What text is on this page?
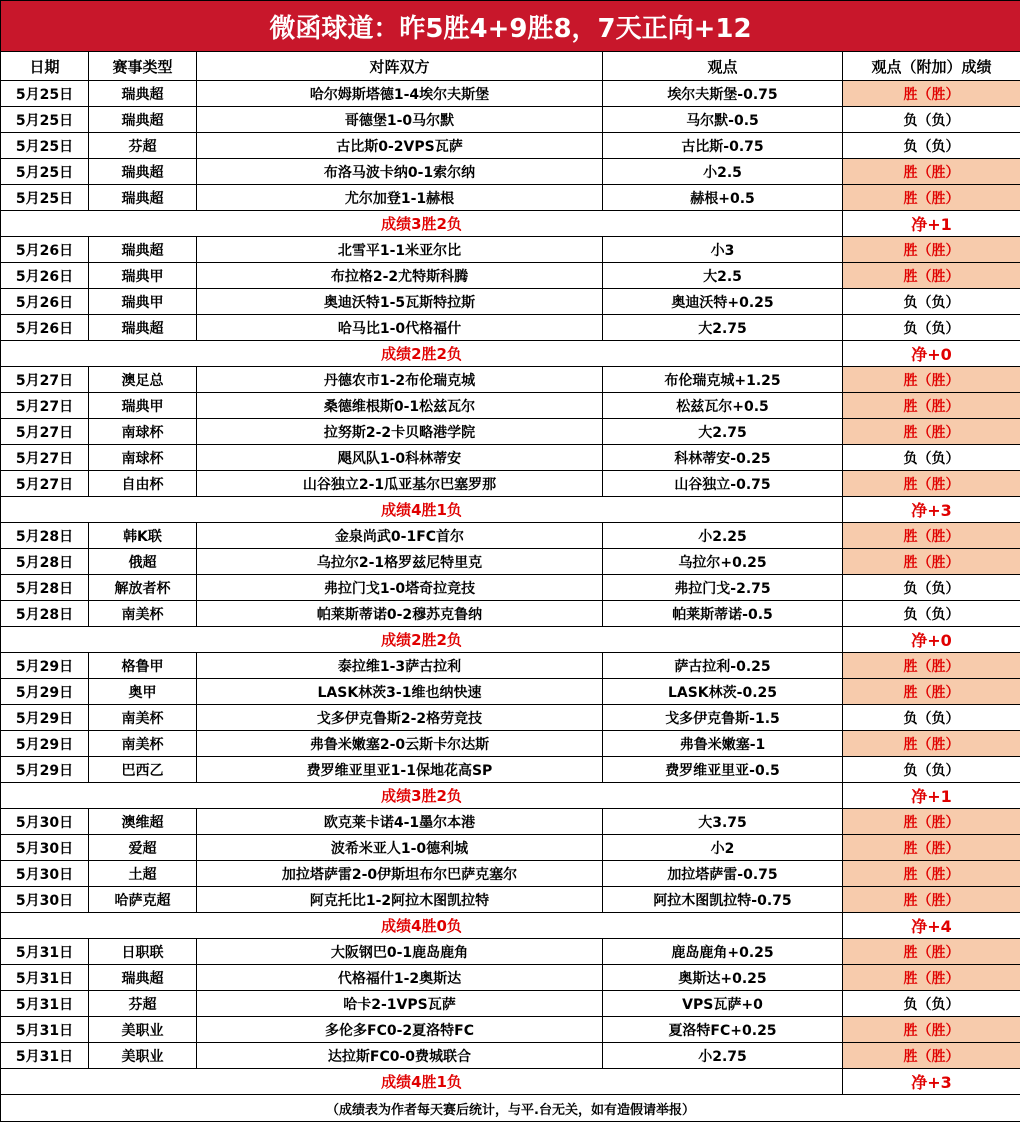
微函球道：昨5胜4+9胜8，7天正向+12				
日期	赛事类型	对阵双方	观点	观点（附加）成绩
5月25日	瑞典超	哈尔姆斯塔德1-4埃尔夫斯堡	埃尔夫斯堡-0.75	胜（胜）
5月25日	瑞典超	哥德堡1-0马尔默	马尔默-0.5	负（负）
5月25日	芬超	古比斯0-2VPS瓦萨	古比斯-0.75	负（负）
5月25日	瑞典超	布洛马波卡纳0-1索尔纳	小2.5	胜（胜）
5月25日	瑞典超	尤尔加登1-1赫根	赫根+0.5	胜（胜）
成绩3胜2负				净+1
5月26日	瑞典超	北雪平1-1米亚尔比	小3	胜（胜）
5月26日	瑞典甲	布拉格2-2尤特斯科腾	大2.5	胜（胜）
5月26日	瑞典甲	奥迪沃特1-5瓦斯特拉斯	奥迪沃特+0.25	负（负）
5月26日	瑞典超	哈马比1-0代格福什	大2.75	负（负）
成绩2胜2负				净+0
5月27日	澳足总	丹德农市1-2布伦瑞克城	布伦瑞克城+1.25	胜（胜）
5月27日	瑞典甲	桑德维根斯0-1松兹瓦尔	松兹瓦尔+0.5	胜（胜）
5月27日	南球杯	拉努斯2-2卡贝略港学院	大2.75	胜（胜）
5月27日	南球杯	飓风队1-0科林蒂安	科林蒂安-0.25	负（负）
5月27日	自由杯	山谷独立2-1瓜亚基尔巴塞罗那	山谷独立-0.75	胜（胜）
成绩4胜1负				净+3
5月28日	韩K联	金泉尚武0-1FC首尔	小2.25	胜（胜）
5月28日	俄超	乌拉尔2-1格罗兹尼特里克	乌拉尔+0.25	胜（胜）
5月28日	解放者杯	弗拉门戈1-0塔奇拉竞技	弗拉门戈-2.75	负（负）
5月28日	南美杯	帕莱斯蒂诺0-2穆苏克鲁纳	帕莱斯蒂诺-0.5	负（负）
成绩2胜2负				净+0
5月29日	格鲁甲	泰拉维1-3萨古拉利	萨古拉利-0.25	胜（胜）
5月29日	奥甲	LASK林茨3-1维也纳快速	LASK林茨-0.25	胜（胜）
5月29日	南美杯	戈多伊克鲁斯2-2格劳竞技	戈多伊克鲁斯-1.5	负（负）
5月29日	南美杯	弗鲁米嫩塞2-0云斯卡尔达斯	弗鲁米嫩塞-1	胜（胜）
5月29日	巴西乙	费罗维亚里亚1-1保地花高SP	费罗维亚里亚-0.5	负（负）
成绩3胜2负				净+1
5月30日	澳维超	欧克莱卡诺4-1墨尔本港	大3.75	胜（胜）
5月30日	爱超	波希米亚人1-0德利城	小2	胜（胜）
5月30日	土超	加拉塔萨雷2-0伊斯坦布尔巴萨克塞尔	加拉塔萨雷-0.75	胜（胜）
5月30日	哈萨克超	阿克托比1-2阿拉木图凯拉特	阿拉木图凯拉特-0.75	胜（胜）
成绩4胜0负				净+4
5月31日	日职联	大阪钢巴0-1鹿岛鹿角	鹿岛鹿角+0.25	胜（胜）
5月31日	瑞典超	代格福什1-2奥斯达	奥斯达+0.25	胜（胜）
5月31日	芬超	哈卡2-1VPS瓦萨	VPS瓦萨+0	负（负）
5月31日	美职业	多伦多FC0-2夏洛特FC	夏洛特FC+0.25	胜（胜）
5月31日	美职业	达拉斯FC0-0费城联合	小2.75	胜（胜）
成绩4胜1负				净+3
（成绩表为作者每天赛后统计，与平.台无关，如有造假请举报）				
